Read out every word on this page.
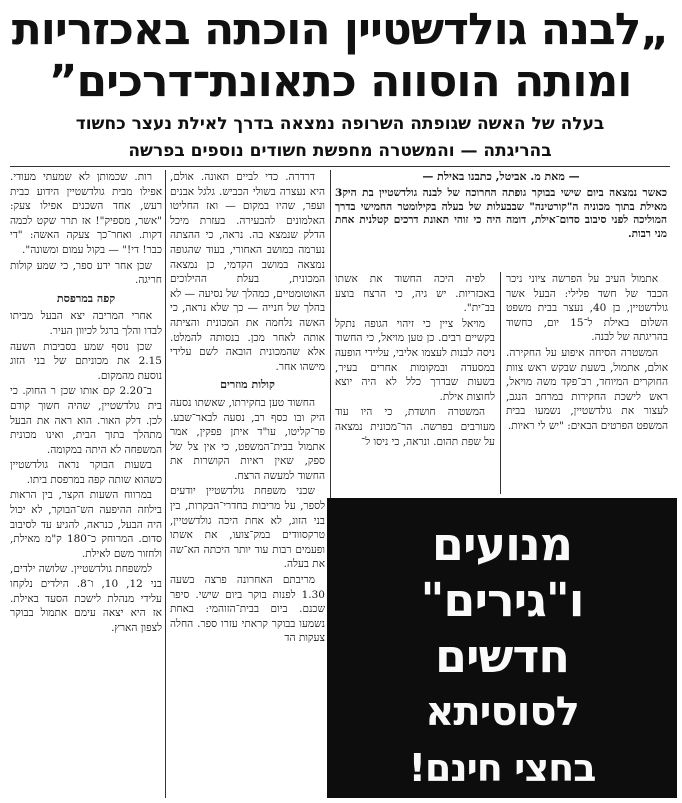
„לבנה גולדשטיין הוכתה באכזריות
ומותה הוסווה כתאונת־דרכים”
בעלה של האשה שגופתה השרופה נמצאה בדרך לאילת נעצר כחשוד
בהריגתה — והמשטרה מחפשת חשודים נוספים בפרשה
כאשר נמצאה ביום שישי בבוקר גופתה החרוכה של לבנה גולדשטיין בת היק3 מאילת בתוך מכוניה ה"קורטינה" שבבעלות של בעלה בקילומטר החמישי בדרך המוליכה לפני סיבוב סדום־אילת, דומה היה כי זוהי תאונת דרכים קטלנית אחת מני רבות.
— מאת מ. אביטל, כתבנו באילת —

אתמול העיב על הפרשה ציוני ניכר הכבד של חשד פלילי: הבעל אשר גולדשטיין, בן 40, נעצר בבית משפט השלום באילת ל־15 יום, כחשוד בהריגתה של לבנה.

המשטרה הסיחה איפוע על החקירה. אולם, אתמול, בשעת שבקש ראש צוות החוקרים המיוחד, רב־פקד משה מויאל, ראש לישכת החקירות במרחב הנגב, לעצור את גולדשטיין, נשמעו בבית המשפט הפרטים הבאים: "יש לי ראיות.

לפיה היכה החשוד את אשתו באכזריות. יש גיה, כי הרצח בוצע בב־ית".

מויאל ציין כי זיהוי הגופה נתקל בקשיים רבים. כן טען מויאל, כי החשוד ניסה לבנות לעצמו אליבי, עליידי הופעה במסעדה ובמקומות אחרים בעיר, בשעות שבדרך כלל לא היה יוצא לחוצות אילת.

המשטרה חושדת, כי היו עוד מעורבים בפרשה. הר־מכונית נמצאה על שפת תהום. ונראה, כי ניסו ל־

דרדרה. כדי לביים תאונה. אולם, היא נעצרה בשולי הכביש. גלגל אבנים ועפר, שהיו במקום — ואז החליטו האלמונים להבעירה. בעזרת מיכל הדלק שנמצא בה. נראה, כי ההצתה נערמה במושב האחורי, בעוד שהגופה נמצאה במושב הקדמי, כן נמצאה המכונית, בעלת ההילוכים האוטומטיים, כמהלך של נסיעה — לא בהלך של חנייה — כך שלא נראה, כי האשה נלחמה את המכונית והציתה אותה לאחר מכן. בנסותה להמלט. אלא שהמכונית הובאה לשם עלידי מישהו אחר.

קולות מוזרים

החשוד טען בחקירתו, שאשתו נסעה היק ובו כסף רב, נסעה לבאר־שבע. פר־קליטו, עו"ד איתן פפקין, אמר אתמול בבית־המשפט, כי אין צל של ספק, שאין ראיות הקושרות את החשוד למעשה הרצח.

שכני משפחת גולדשטיין יודעים לספר, על מריבות בחדרי־הבקרות, בין בני הזוג, לא אחת היכה גולדשטיין, טרקסוודים במק־צועו, את אשתו ופעמים רבות עוד יותר היכתה הא־שה את בעלה.

מריבתם האחרונה פרצה בשעה 1.30 לפנות בוקר ביום שישי. סיפר שכנם. ביום בבית־הזוהמי: באחת נשמעו בבוקר קראתי עזרו ספר. החלה צעקות הד

רות. שכמותן לא שמעתי מעודי. אפילו מבית גולדשטיין הידוע כבית רעש, אחד השכנים אפילו צעק: "אשר, מספיק"! אז תרר שקט לכמה דקות. ואחר־כך צעקה האשה: "די כבר! די!" — בקול עמום ומשונה".

שכן אחר ידע ספר, כי שמע קולות חריגה.

קפה במרפסת

אחרי המריבה יצא הבעל מביתו לבדו והלך ברגל לכיוון העיר.

שכן נוסף שמע בסביבות השעה 2.15 את מכוניתם של בני הזוג נוסעת מהמקום.

ב־2.20 קם אותו שכן ר החוק. כי בית גולדשטיין, שהיה חשוך קודם לכן. דלק האור. הוא ראה את הבעל מתהלך בתוך הבית, ואינו מכונית המשפחה לא היתה במקומה.

בשעות הבוקר נראה גולדשטיין כשהוא שותה קפה במרפסת ביתו.

במרווח השעות הקצר, בין הראות בילוזה ההיפעה הש־הבוקר, לא יכול היה הבעל, כנראה, להגיע עד לסיבוב סדום. המרוחק כ־180 ק"מ מאילת, ולחזור משם לאילת.

למשפחת גולדשטיין. שלושה ילדים, בני 12, 10, ו־8. הילדים נלקחו עלידי מנהלת לישכת הסעד באילת. אז היא יצאה עימם אתמול בבוקר לצפון הארץ.

מנועים
ו"גירים"
חדשים
לסוסיתא
בחצי חינם!
